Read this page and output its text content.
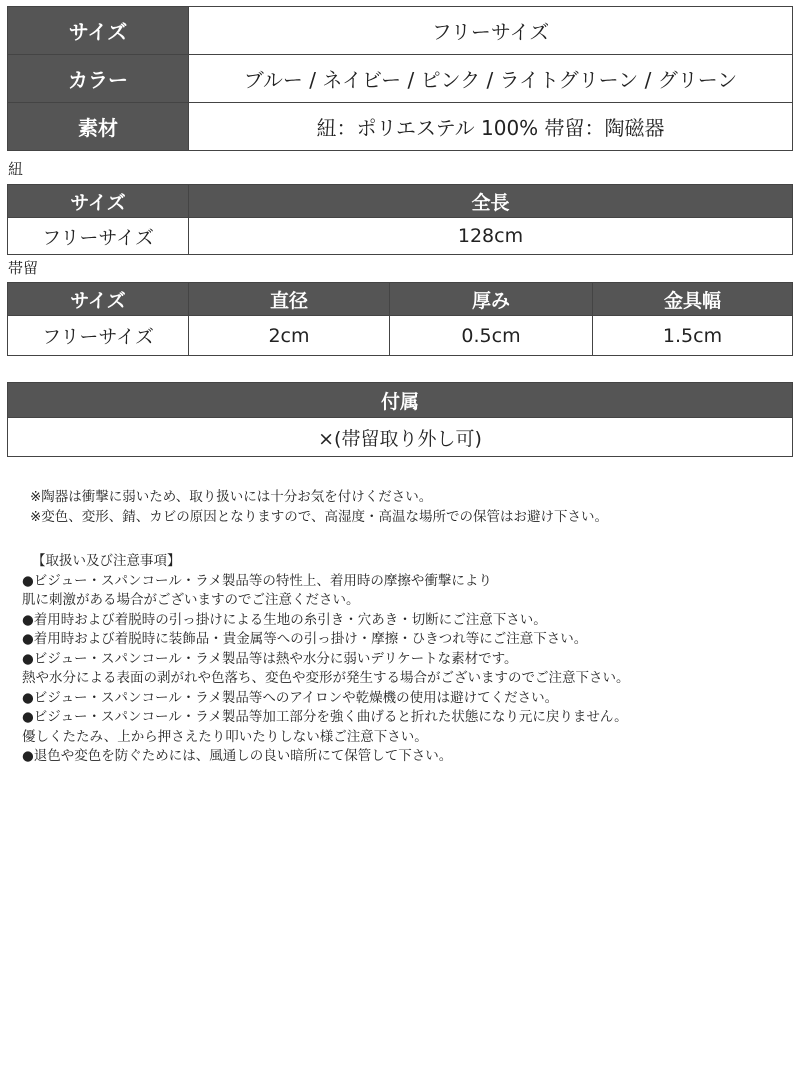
サイズ	フリーサイズ
カラー	ブルー / ネイビー / ピンク / ライトグリーン / グリーン
素材	紐：ポリエステル 100% 帯留：陶磁器
紐
サイズ	全長
フリーサイズ	128cm
帯留
サイズ	直径	厚み	金具幅
フリーサイズ	2cm	0.5cm	1.5cm
付属
×(帯留取り外し可)
※陶器は衝撃に弱いため、取り扱いには十分お気を付けください。
※変色、変形、錆、カビの原因となりますので、高湿度・高温な場所での保管はお避け下さい。
【取扱い及び注意事項】
●ビジュー・スパンコール・ラメ製品等の特性上、着用時の摩擦や衝撃により
肌に刺激がある場合がございますのでご注意ください。
●着用時および着脱時の引っ掛けによる生地の糸引き・穴あき・切断にご注意下さい。
●着用時および着脱時に装飾品・貴金属等への引っ掛け・摩擦・ひきつれ等にご注意下さい。
●ビジュー・スパンコール・ラメ製品等は熱や水分に弱いデリケートな素材です。
熱や水分による表面の剥がれや色落ち、変色や変形が発生する場合がございますのでご注意下さい。
●ビジュー・スパンコール・ラメ製品等へのアイロンや乾燥機の使用は避けてください。
●ビジュー・スパンコール・ラメ製品等加工部分を強く曲げると折れた状態になり元に戻りません。
優しくたたみ、上から押さえたり叩いたりしない様ご注意下さい。
●退色や変色を防ぐためには、風通しの良い暗所にて保管して下さい。
